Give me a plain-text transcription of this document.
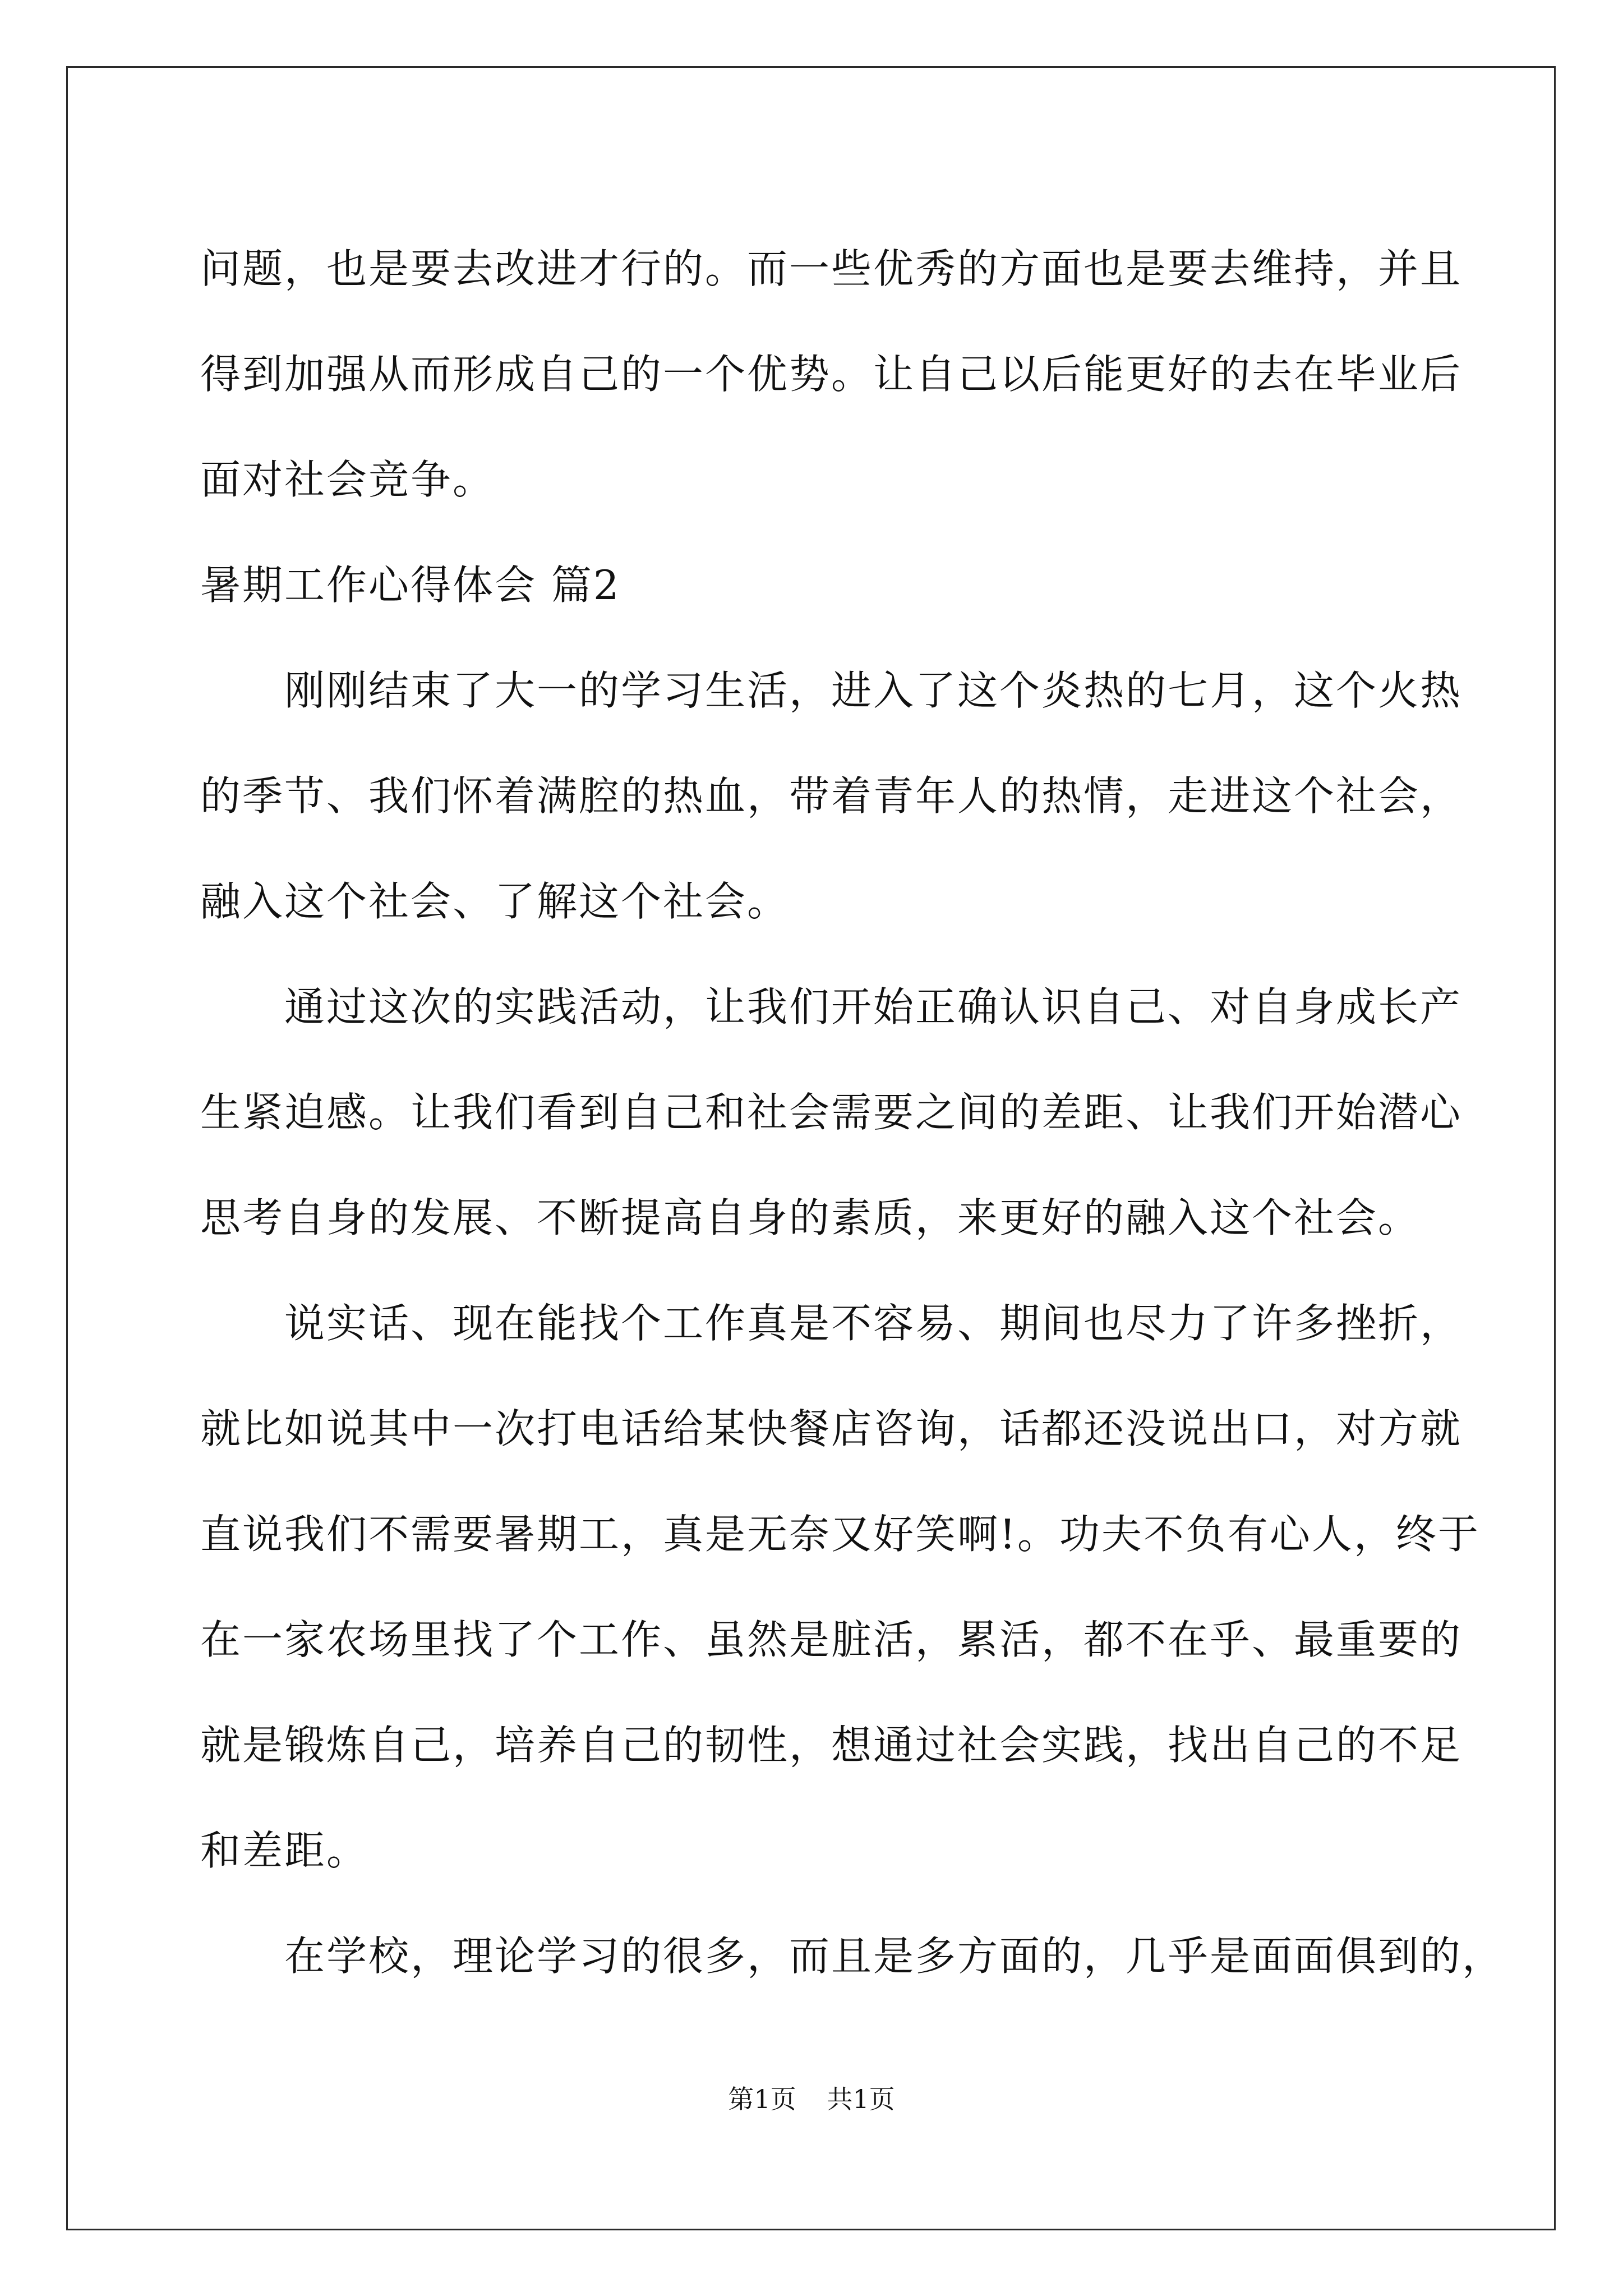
问题，也是要去改进才行的。而一些优秀的方面也是要去维持，并且
得到加强从而形成自己的一个优势。让自己以后能更好的去在毕业后
面对社会竞争。
暑期工作心得体会 篇2
刚刚结束了大一的学习生活，进入了这个炎热的七月，这个火热
的季节、我们怀着满腔的热血，带着青年人的热情，走进这个社会，
融入这个社会、了解这个社会。
通过这次的实践活动，让我们开始正确认识自己、对自身成长产
生紧迫感。让我们看到自己和社会需要之间的差距、让我们开始潜心
思考自身的发展、不断提高自身的素质，来更好的融入这个社会。
说实话、现在能找个工作真是不容易、期间也尽力了许多挫折，
就比如说其中一次打电话给某快餐店咨询，话都还没说出口，对方就
直说我们不需要暑期工，真是无奈又好笑啊!。功夫不负有心人，终于
在一家农场里找了个工作、虽然是脏活，累活，都不在乎、最重要的
就是锻炼自己，培养自己的韧性，想通过社会实践，找出自己的不足
和差距。
在学校，理论学习的很多，而且是多方面的，几乎是面面俱到的，
第1页 共1页
